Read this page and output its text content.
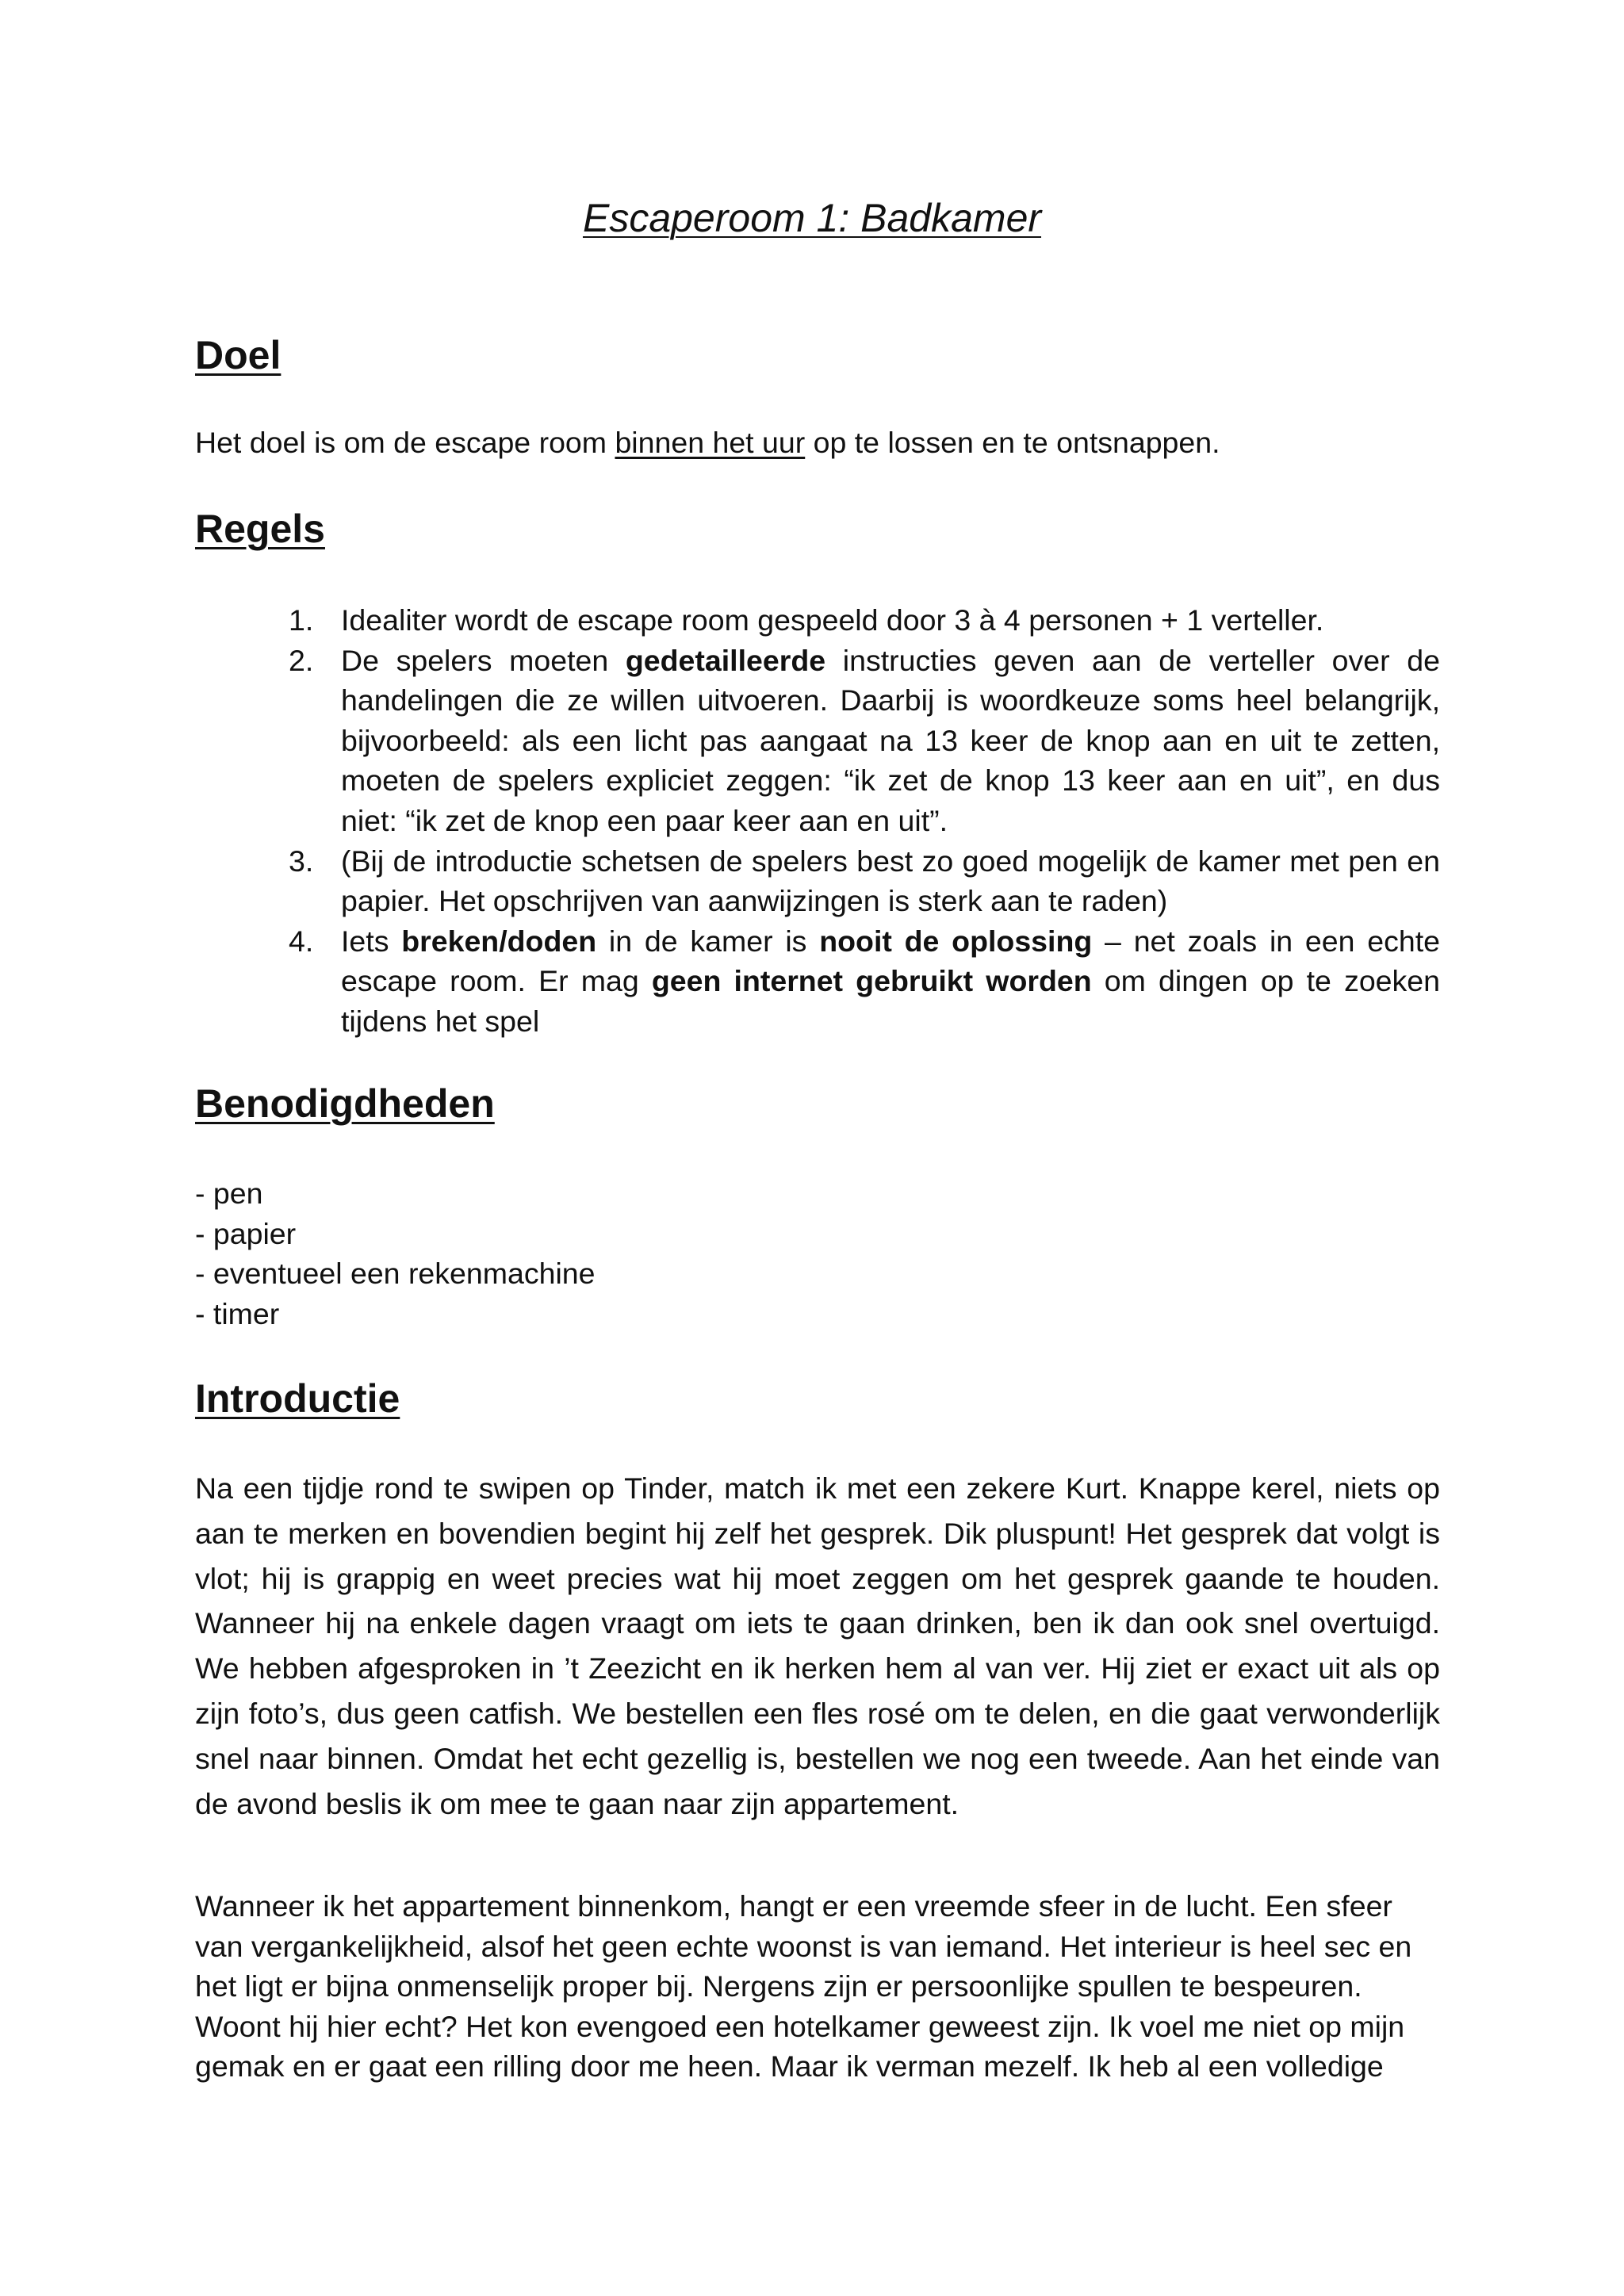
Escaperoom 1: Badkamer
Doel

Het doel is om de escape room binnen het uur op te lossen en te ontsnappen.

Regels
1. Idealiter wordt de escape room gespeeld door 3 à 4 personen + 1 verteller.
2. De spelers moeten gedetailleerde instructies geven aan de verteller over de handelingen die ze willen uitvoeren. Daarbij is woordkeuze soms heel belangrijk, bijvoorbeeld: als een licht pas aangaat na 13 keer de knop aan en uit te zetten, moeten de spelers expliciet zeggen: “ik zet de knop 13 keer aan en uit”, en dus niet: “ik zet de knop een paar keer aan en uit”.
3. (Bij de introductie schetsen de spelers best zo goed mogelijk de kamer met pen en papier. Het opschrijven van aanwijzingen is sterk aan te raden)
4. Iets breken/doden in de kamer is nooit de oplossing – net zoals in een echte escape room. Er mag geen internet gebruikt worden om dingen op te zoeken tijdens het spel
Benodigdheden
- pen
- papier
- eventueel een rekenmachine
- timer
Introductie

Na een tijdje rond te swipen op Tinder, match ik met een zekere Kurt. Knappe kerel, niets op aan te merken en bovendien begint hij zelf het gesprek. Dik pluspunt! Het gesprek dat volgt is vlot; hij is grappig en weet precies wat hij moet zeggen om het gesprek gaande te houden. Wanneer hij na enkele dagen vraagt om iets te gaan drinken, ben ik dan ook snel overtuigd. We hebben afgesproken in ’t Zeezicht en ik herken hem al van ver. Hij ziet er exact uit als op zijn foto’s, dus geen catfish. We bestellen een fles rosé om te delen, en die gaat verwonderlijk snel naar binnen. Omdat het echt gezellig is, bestellen we nog een tweede. Aan het einde van de avond beslis ik om mee te gaan naar zijn appartement.

Wanneer ik het appartement binnenkom, hangt er een vreemde sfeer in de lucht. Een sfeer
van vergankelijkheid, alsof het geen echte woonst is van iemand. Het interieur is heel sec en
het ligt er bijna onmenselijk proper bij. Nergens zijn er persoonlijke spullen te bespeuren.
Woont hij hier echt? Het kon evengoed een hotelkamer geweest zijn. Ik voel me niet op mijn
gemak en er gaat een rilling door me heen. Maar ik verman mezelf. Ik heb al een volledige
